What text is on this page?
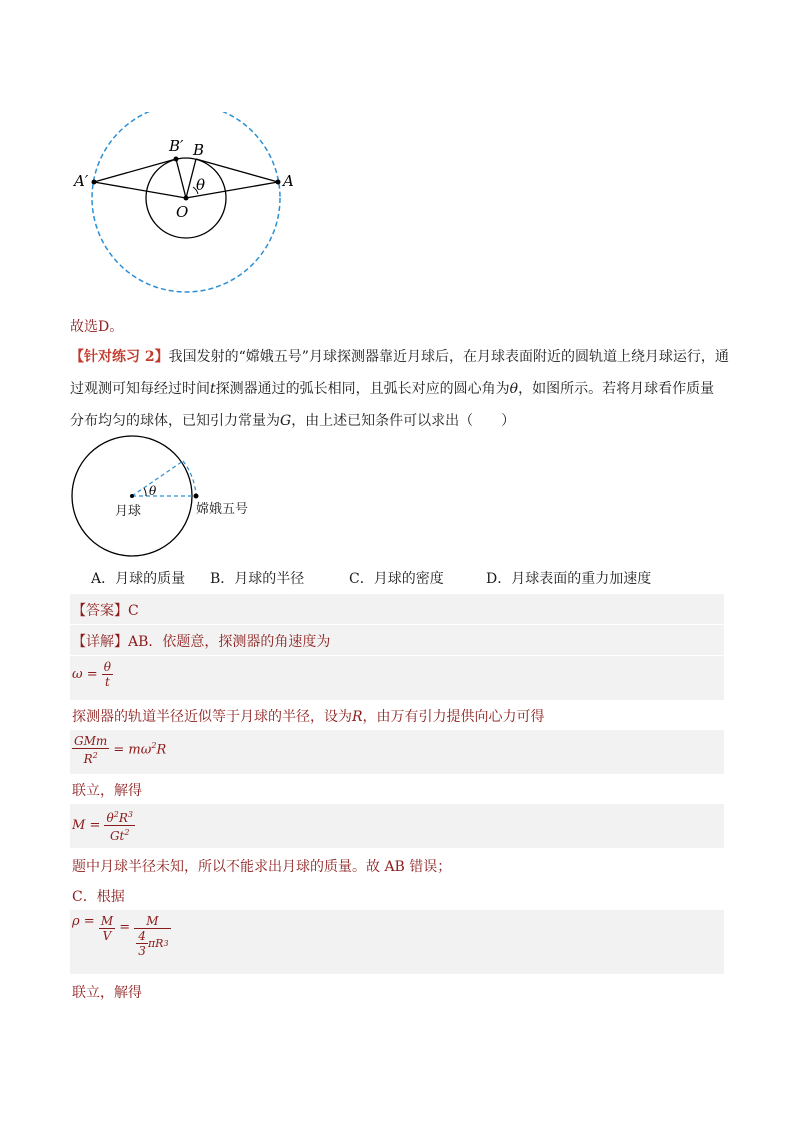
A′
B′ B
A
O
θ
故选D。
【针对练习 2】我国发射的“嫦娥五号”月球探测器靠近月球后，在月球表面附近的圆轨道上绕月球运行，通
过观测可知每经过时间t探测器通过的弧长相同，且弧长对应的圆心角为θ，如图所示。若将月球看作质量
分布均匀的球体，已知引力常量为G，由上述已知条件可以求出（　　）
月球	嫦娥五号
θ
A．月球的质量 B．月球的半径	C．月球的密度	D．月球表面的重力加速度
【答案】C
【详解】AB．依题意，探测器的角速度为
$\omega = \frac{\theta}{t}$
探测器的轨道半径近似等于月球的半径，设为R，由万有引力提供向心力可得
$\frac{\text{GMm}}{R^2} = m\omega^2R$
联立，解得
$M = \frac{\theta^2R^3}{Gt^2}$
题中月球半径未知，所以不能求出月球的质量。故 AB 错误；
C．根据
$\rho = \frac{M}{V} = \frac{M}{\frac{4}{3} \pi R 3}$
联立，解得
